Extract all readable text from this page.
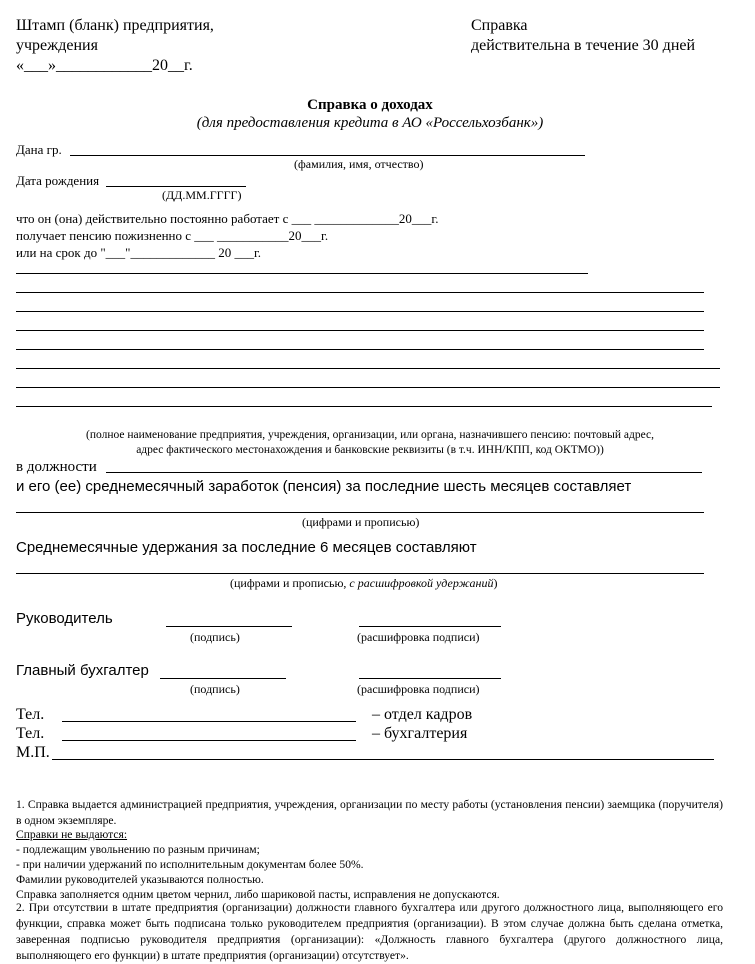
Штамп (бланк) предприятия,
учреждения
«___»____________20__г.
Справка
действительна в течение 30 дней
Справка о доходах
(для предоставления кредита в АО «Россельхозбанк»)
Дана гр.
(фамилия, имя, отчество)
Дата рождения
(ДД.ММ.ГГГГ)
что он (она) действительно постоянно работает с ___ _____________20___г.
получает пенсию пожизненно с ___ ___________20___г.
или на срок до "___"_____________ 20 ___г.
(полное наименование предприятия, учреждения, организации, или органа, назначившего пенсию: почтовый адрес,
адрес фактического местонахождения и банковские реквизиты (в т.ч. ИНН/КПП, код ОКТМО))
в должности
и его (ее) среднемесячный заработок (пенсия) за последние шесть месяцев составляет
(цифрами и прописью)
Среднемесячные удержания за последние 6 месяцев составляют
(цифрами и прописью, с расшифровкой удержаний)
Руководитель
(подпись)	(расшифровка подписи)
Главный бухгалтер
(подпись)	(расшифровка подписи)
Тел.	– отдел кадров
Тел.	– бухгалтерия
М.П.
1. Справка выдается администрацией предприятия, учреждения, организации по месту работы (установления пенсии) заемщика (поручителя) в одном экземпляре.
Справки не выдаются:
- подлежащим увольнению по разным причинам;
- при наличии удержаний по исполнительным документам более 50%.
Фамилии руководителей указываются полностью.
Справка заполняется одним цветом чернил, либо шариковой пасты, исправления не допускаются.
2. При отсутствии в штате предприятия (организации) должности главного бухгалтера или другого должностного лица, выполняющего его функции, справка может быть подписана только руководителем предприятия (организации). В этом случае должна быть сделана отметка, заверенная подписью руководителя предприятия (организации): «Должность главного бухгалтера (другого должностного лица, выполняющего его функции) в штате предприятия (организации) отсутствует».
